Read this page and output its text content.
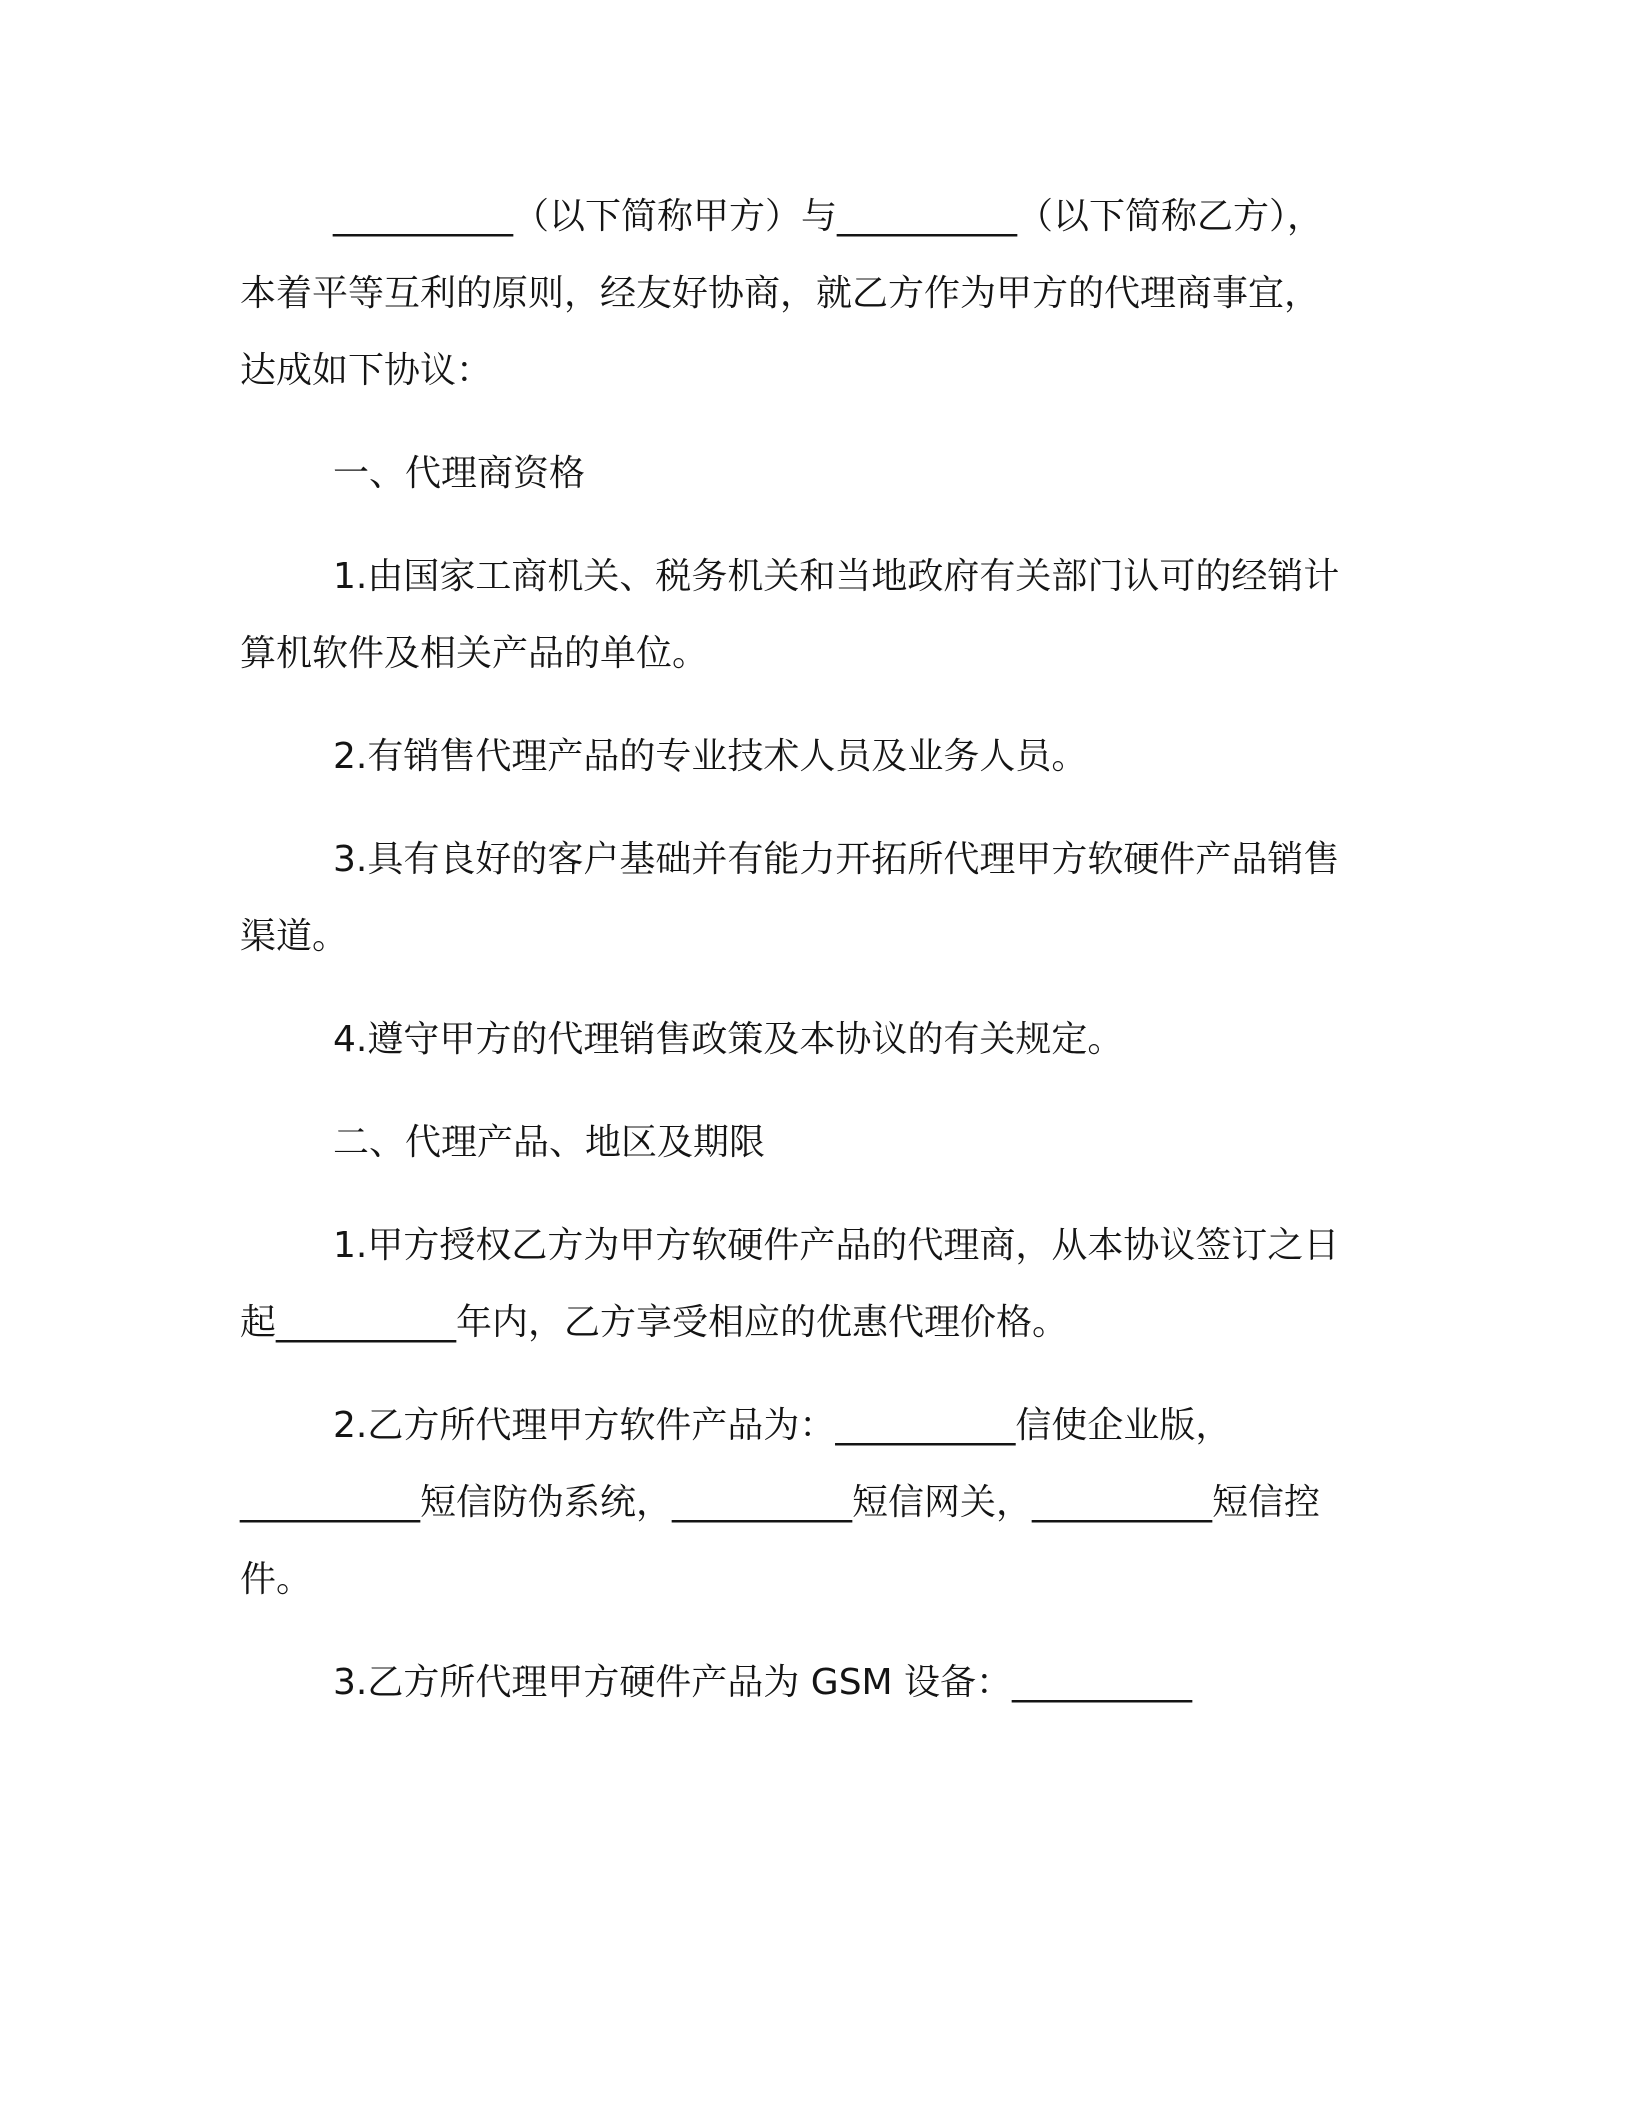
__________（以下简称甲方）与__________（以下简称乙方），
本着平等互利的原则，经友好协商，就乙方作为甲方的代理商事宜，
达成如下协议：
一、代理商资格
1.由国家工商机关、税务机关和当地政府有关部门认可的经销计
算机软件及相关产品的单位。
2.有销售代理产品的专业技术人员及业务人员。
3.具有良好的客户基础并有能力开拓所代理甲方软硬件产品销售
渠道。
4.遵守甲方的代理销售政策及本协议的有关规定。
二、代理产品、地区及期限
1.甲方授权乙方为甲方软硬件产品的代理商，从本协议签订之日
起__________年内，乙方享受相应的优惠代理价格。
2.乙方所代理甲方软件产品为：__________信使企业版，
__________短信防伪系统，__________短信网关，__________短信控
件。
3.乙方所代理甲方硬件产品为 GSM 设备：__________
